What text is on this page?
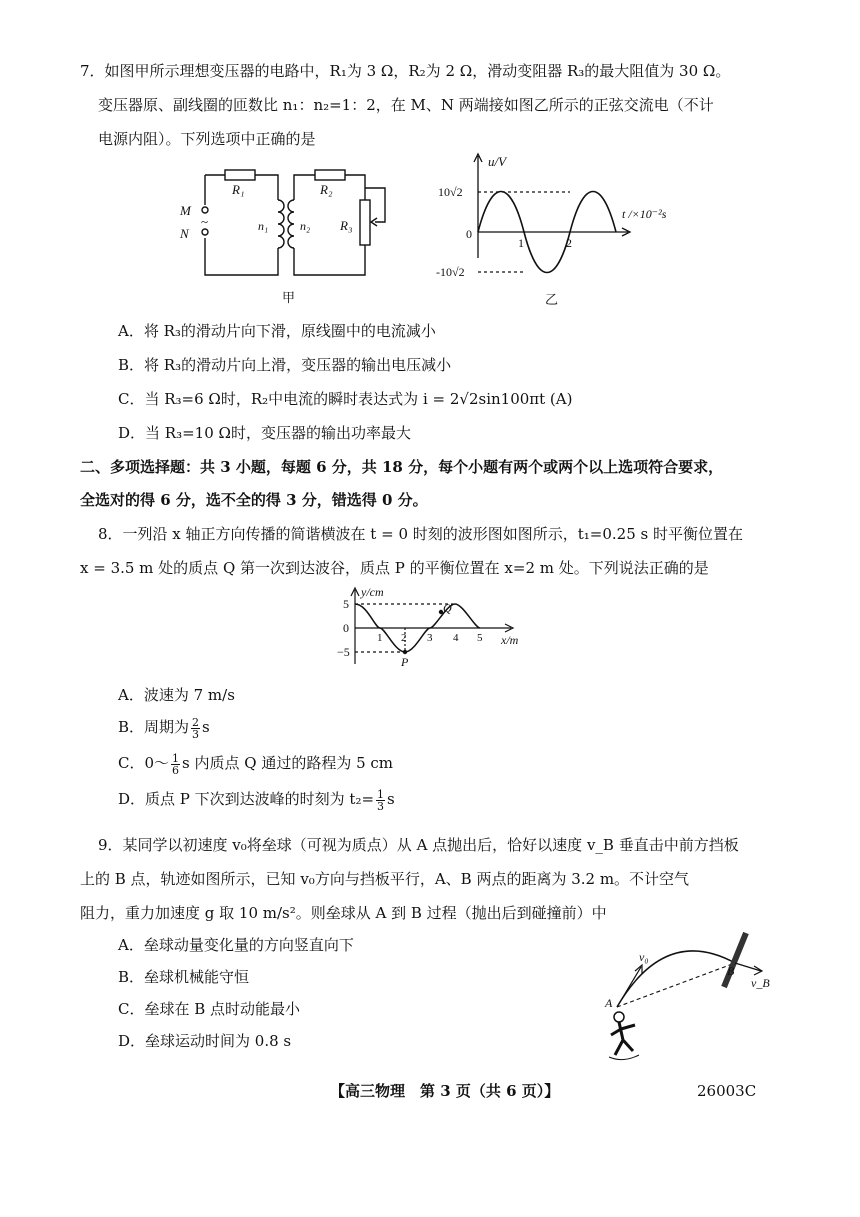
7．如图甲所示理想变压器的电路中，R₁为 3 Ω，R₂为 2 Ω，滑动变阻器 R₃的最大阻值为 30 Ω。
变压器原、副线圈的匝数比 n₁：n₂=1：2，在 M、N 两端接如图乙所示的正弦交流电（不计
电源内阻）。下列选项中正确的是
R₁	R₂
R₃
n₁	n₂
M
~
N
甲
u/V
t /×10⁻²s
10√2
-10√2
0
1	2
乙
A．将 R₃的滑动片向下滑，原线圈中的电流减小
B．将 R₃的滑动片向上滑，变压器的输出电压减小
C．当 R₃=6 Ω时，R₂中电流的瞬时表达式为 i = 2√2sin100πt (A)
D．当 R₃=10 Ω时，变压器的输出功率最大
二、多项选择题：共 3 小题，每题 6 分，共 18 分，每个小题有两个或两个以上选项符合要求，
全选对的得 6 分，选不全的得 3 分，错选得 0 分。
8．一列沿 x 轴正方向传播的简谐横波在 t = 0 时刻的波形图如图所示，t₁=0.25 s 时平衡位置在
x = 3.5 m 处的质点 Q 第一次到达波谷，质点 P 的平衡位置在 x=2 m 处。下列说法正确的是
y/cm
x/m
5
0
−5
1 2 3 4 5
P
Q
A．波速为 7 m/s
B．周期为 $\frac{2}{3}$ s
C．0～ $\frac{1}{6}$ s 内质点 Q 通过的路程为 5 cm
D．质点 P 下次到达波峰的时刻为 $t_2= \frac{1}{3}$ s
9．某同学以初速度 v₀将垒球（可视为质点）从 A 点抛出后，恰好以速度 v_B 垂直击中前方挡板
上的 B 点，轨迹如图所示，已知 v₀方向与挡板平行，A、B 两点的距离为 3.2 m。不计空气
阻力，重力加速度 g 取 10 m/s²。则垒球从 A 到 B 过程（抛出后到碰撞前）中
A．垒球动量变化量的方向竖直向下
B．垒球机械能守恒
C．垒球在 B 点时动能最小
D．垒球运动时间为 0.8 s
v₀
v_B
A
B
【高三物理　第 3 页（共 6 页）】	26003C
